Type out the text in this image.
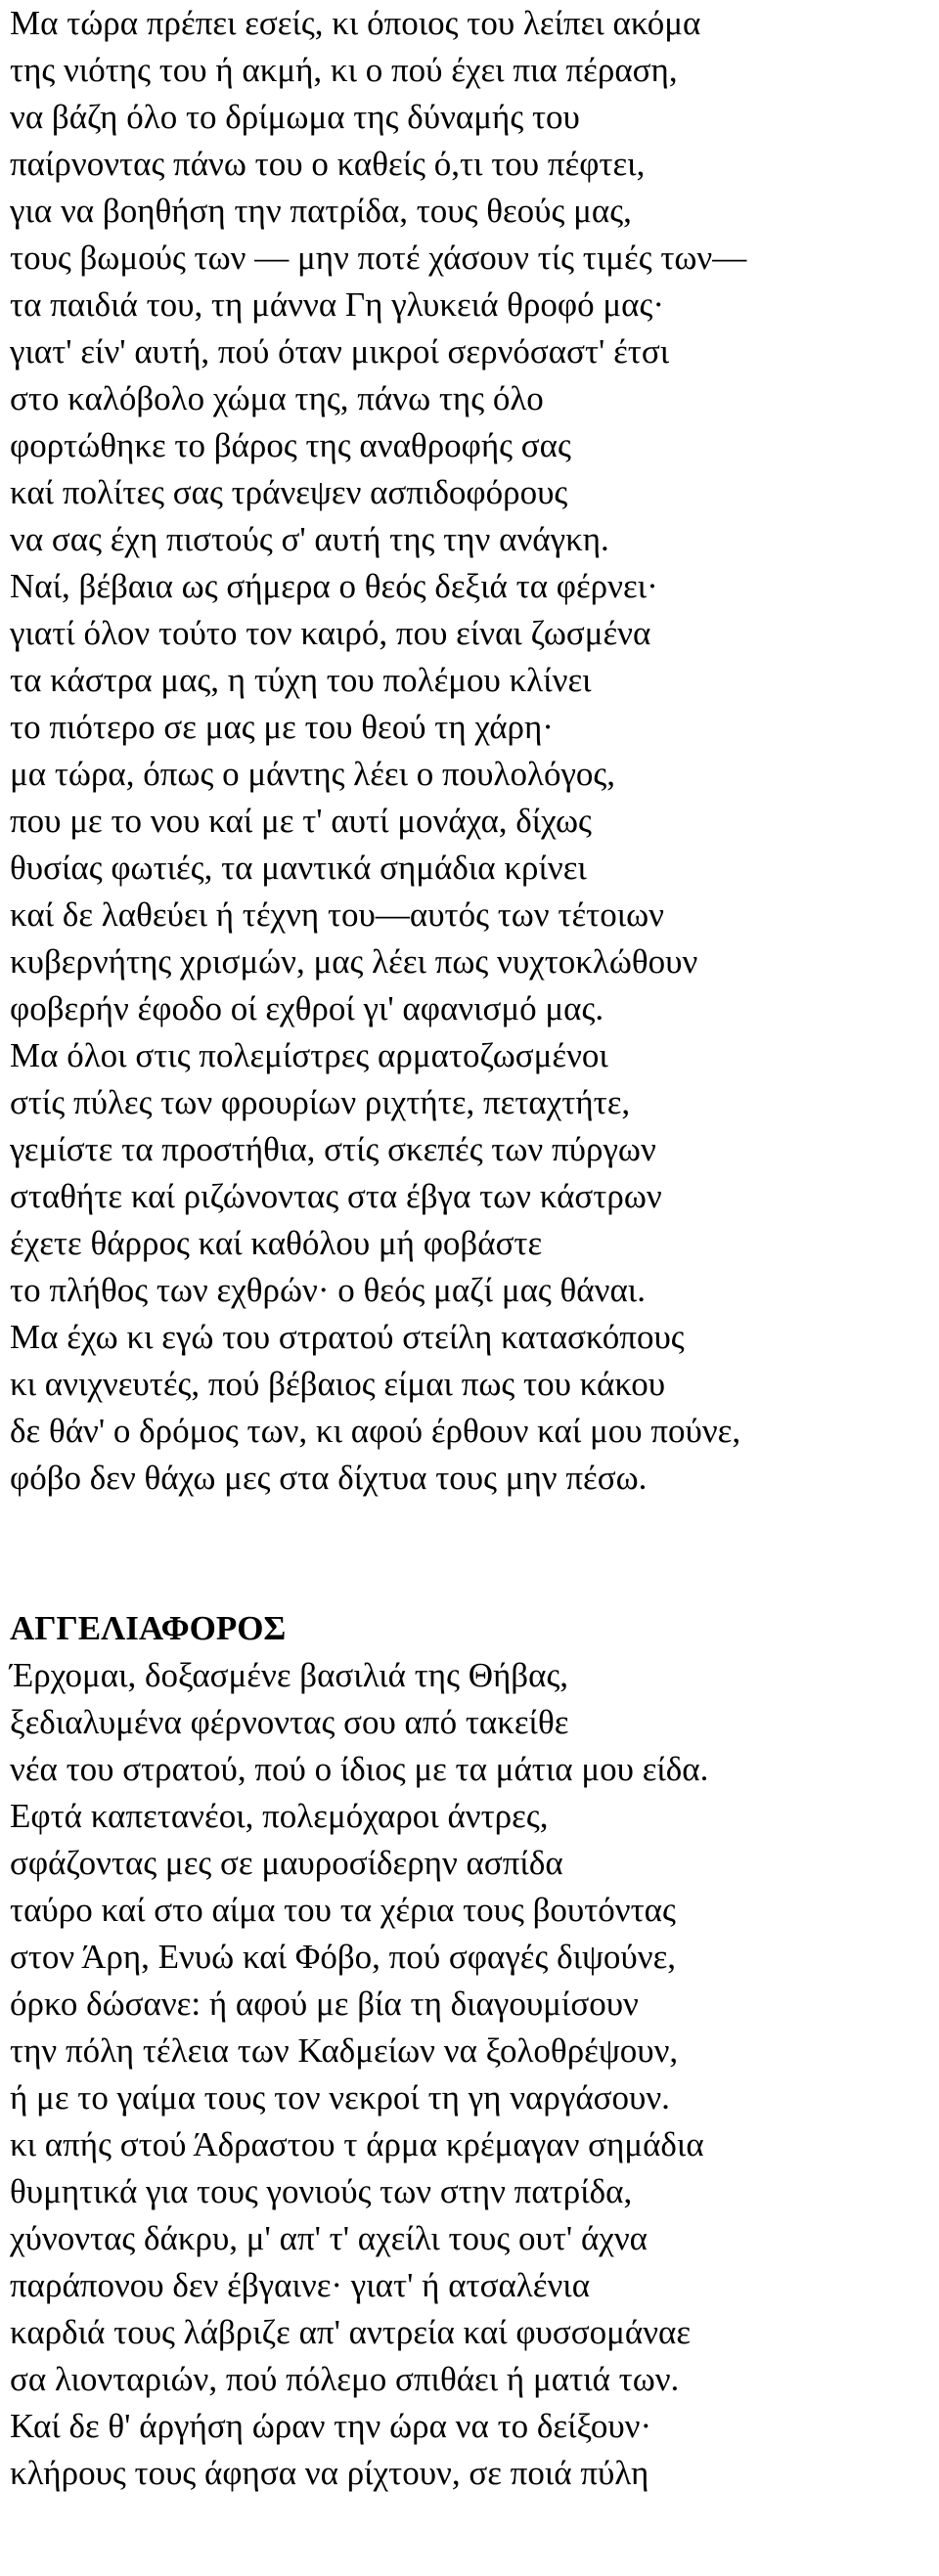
Μα τώρα πρέπει εσείς, κι όποιος του λείπει ακόμα
της νιότης του ή ακμή, κι ο πού έχει πια πέραση,
να βάζη όλο το δρίμωμα της δύναμής του
παίρνοντας πάνω του ο καθείς ό,τι του πέφτει,
για να βοηθήση την πατρίδα, τους θεούς μας,
τους βωμούς των — μην ποτέ χάσουν τίς τιμές των—
τα παιδιά του, τη μάννα Γη γλυκειά θροφό μας·
γιατ' είν' αυτή, πού όταν μικροί σερνόσαστ' έτσι
στο καλόβολο χώμα της, πάνω της όλο
φορτώθηκε το βάρος της αναθροφής σας
καί πολίτες σας τράνεψεν ασπιδοφόρους
να σας έχη πιστούς σ' αυτή της την ανάγκη.
Ναί, βέβαια ως σήμερα ο θεός δεξιά τα φέρνει·
γιατί όλον τούτο τον καιρό, που είναι ζωσμένα
τα κάστρα μας, η τύχη του πολέμου κλίνει
το πιότερο σε μας με του θεού τη χάρη·
μα τώρα, όπως ο μάντης λέει ο πουλολόγος,
που με το νου καί με τ' αυτί μονάχα, δίχως
θυσίας φωτιές, τα μαντικά σημάδια κρίνει
καί δε λαθεύει ή τέχνη του—αυτός των τέτοιων
κυβερνήτης χρισμών, μας λέει πως νυχτοκλώθουν
φοβερήν έφοδο οί εχθροί γι' αφανισμό μας.
Μα όλοι στις πολεμίστρες αρματοζωσμένοι
στίς πύλες των φρουρίων ριχτήτε, πεταχτήτε,
γεμίστε τα προστήθια, στίς σκεπές των πύργων
σταθήτε καί ριζώνοντας στα έβγα των κάστρων
έχετε θάρρος καί καθόλου μή φοβάστε
το πλήθος των εχθρών· ο θεός μαζί μας θάναι.
Μα έχω κι εγώ του στρατού στείλη κατασκόπους
κι ανιχνευτές, πού βέβαιος είμαι πως του κάκου
δε θάν' ο δρόμος των, κι αφού έρθουν καί μου πούνε,
φόβο δεν θάχω μες στα δίχτυα τους μην πέσω.
ΑΓΓΕΛΙΑΦΟΡΟΣ
Έρχομαι, δοξασμένε βασιλιά της Θήβας,
ξεδιαλυμένα φέρνοντας σου από τακείθε
νέα του στρατού, πού ο ίδιος με τα μάτια μου είδα.
Εφτά καπετανέοι, πολεμόχαροι άντρες,
σφάζοντας μες σε μαυροσίδερην ασπίδα
ταύρο καί στο αίμα του τα χέρια τους βουτόντας
στον Άρη, Ενυώ καί Φόβο, πού σφαγές διψούνε,
όρκο δώσανε: ή αφού με βία τη διαγουμίσουν
την πόλη τέλεια των Καδμείων να ξολοθρέψουν,
ή με το γαίμα τους τον νεκροί τη γη ναργάσουν.
κι απής στού Άδραστου τ άρμα κρέμαγαν σημάδια
θυμητικά για τους γονιούς των στην πατρίδα,
χύνοντας δάκρυ, μ' απ' τ' αχείλι τους ουτ' άχνα
παράπονου δεν έβγαινε· γιατ' ή ατσαλένια
καρδιά τους λάβριζε απ' αντρεία καί φυσσομάναε
σα λιονταριών, πού πόλεμο σπιθάει ή ματιά των.
Καί δε θ' άργήση ώραν την ώρα να το δείξουν·
κλήρους τους άφησα να ρίχτουν, σε ποιά πύλη
